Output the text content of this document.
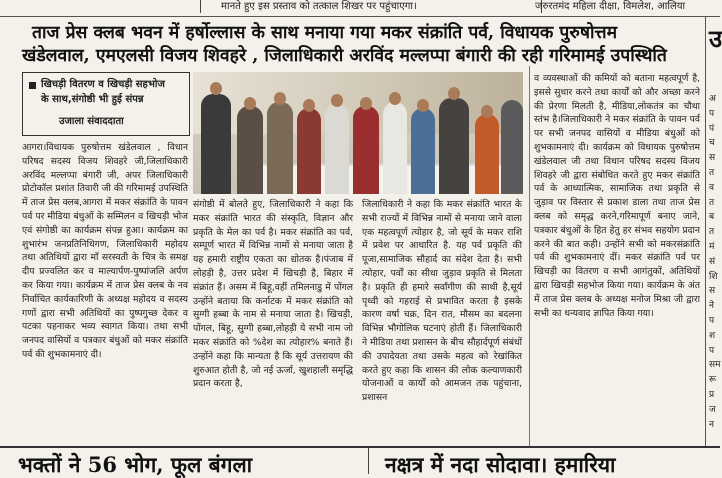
मानते हुए इस प्रस्ताव को तत्काल शिखर पर पहुंचाएगा।	जरुरतमंद महिला दीक्षा, विमलेश, आलिया
ताज प्रेस क्लब भवन में हर्षोल्लास के साथ मनाया गया मकर संक्रांति पर्व, विधायक पुरुषोत्तम
खंडेलवाल, एमएलसी विजय शिवहरे , जिलाधिकारी अरविंद मल्लप्पा बंगारी की रही गरिमामई उपस्थिति
खिचड़ी वितरण व खिचड़ी सहभोज
के साथ,संगोष्ठी भी हुई संपन्न
उजाला संवाददाता
आगरा।विधायक पुरुषोत्तम खंडेलवाल , विधान परिषद सदस्य विजय शिवहरे जी,जिलाधिकारी अरविंद मल्लप्पा बंगारी जी, अपर जिलाधिकारी प्रोटोकॉल प्रशांत तिवारी जी की गरिमामई उपस्थिति में ताज प्रेस क्लब,आगरा में मकर संक्रांति के पावन पर्व पर मीडिया बंधुओं के सम्मिलन व खिचड़ी भोज एवं संगोष्ठी का कार्यक्रम संपन्न हुआ। कार्यक्रम का शुभारंभ जनप्रतिनिधिगण, जिलाधिकारी महोदय तथा अतिथियों द्वारा माँ सरस्वती के चित्र के समक्ष दीप प्रज्वलित कर व माल्यार्पण-पुष्पांजलि अर्पण कर किया गया। कार्यक्रम में ताज प्रेस क्लब के नव निर्वाचित कार्यकारिणी के अध्यक्ष महोदय व सदस्य गणों द्वारा सभी अतिथियों का पुष्पगुच्छ देकर व पटका पहनाकर भव्य स्वागत किया। तथा सभी जनपद वासियों व पत्रकार बंधुओं को मकर संक्रांति पर्व की शुभकामनाएं दी।
संगोष्ठी में बोलते हुए, जिलाधिकारी ने कहा कि मकर संक्रांति भारत की संस्कृति, विज्ञान और प्रकृति के मेल का पर्व है। मकर संक्रांति का पर्व, सम्पूर्ण भारत में विभिन्न नामों से मनाया जाता है यह हमारी राष्ट्रीय एकता का द्योतक है।पंजाब में लोहड़ी है, उत्तर प्रदेश में खिचड़ी है, बिहार में संक्रांत हैं। असम में बिहू,वहीं तमिलनाडु में पोंगल उन्होंने बताया कि कर्नाटक में मकर संक्रांति को सुग्गी हब्बा के नाम से मनाया जाता है। खिचड़ी, पोंगल, बिहू, सुग्गी हब्बा,लोहड़ी ये सभी नाम जो मकर संक्रांति को %देश का त्योहार% बनाते हैं। उन्होंने कहा कि मान्यता है कि सूर्य उत्तरायण की शुरुआत होती है, जो नई ऊर्जा, खुशहाली समृद्धि प्रदान करता है,
जिलाधिकारी ने कहा कि मकर संक्रांति भारत के सभी राज्यों में विभिन्न नामों से मनाया जाने वाला एक महत्वपूर्ण त्योहार है, जो सूर्य के मकर राशि में प्रवेश पर आधारित है. यह पर्व प्रकृति की पूजा,सामाजिक सौहार्द का संदेश देता है। सभी त्योहार, पर्वों का सीधा जुड़ाव प्रकृति से मिलता है। प्रकृति ही हमारे सर्वांगीण की साथी है,सूर्य पृथ्वी को गहराई से प्रभावित करता है इसके कारण वर्षा चक्र, दिन रात, मौसम का बदलना विभिन्न भौगोलिक घटनाएं होती हैं। जिलाधिकारी ने मीडिया तथा प्रशासन के बीच सौहार्दपूर्ण संबंधों की उपादेयता तथा उसके महत्व को रेखांकित करते हुए कहा कि शासन की लोक कल्याणकारी योजनाओं व कार्यों को आमजन तक पहुंचाना, प्रशासन
व व्यवस्थाओं की कमियों को बताना महत्वपूर्ण है, इससे सुधार करने तथा कार्यों को और अच्छा करने की प्रेरणा मिलती है, मीडिया,लोकतंत्र का चौथा स्तंभ है।जिलाधिकारी ने मकर संक्रांति के पावन पर्व पर सभी जनपद वासियों व मीडिया बंधुओं को शुभकामनाएं दी। कार्यक्रम को विधायक पुरुषोत्तम खंडेलवाल जी तथा विधान परिषद सदस्य विजय शिवहरे जी द्वारा संबोधित करते हुए मकर संक्रांति पर्व के आध्यात्मिक, सामाजिक तथा प्रकृति से जुड़ाव पर विस्तार से प्रकाश डाला तथा ताज प्रेस क्लब को समृद्ध करने,गरिमापूर्ण बनाए जाने, पत्रकार बंधुओं के हित हेतु हर संभव सहयोग प्रदान करने की बात कही। उन्होंने सभी को मकरसंक्रांति पर्व की शुभकामनाएं दीं। मकर संक्रांति पर्व पर खिचड़ी का वितरण व सभी आगंतुकों, अतिथियों द्वारा खिचड़ी सहभोज किया गया। कार्यक्रम के अंत में ताज प्रेस क्लब के अध्यक्ष मनोज मिश्रा जी द्वारा सभी का धन्यवाद ज्ञापित किया गया।
उ
अ
प
पं
च
स
त
व
त
ब
त
मं
सं
शि
स
ने
प
श
प
सम
रू
प्र
ज
न
भक्तों ने 56 भोग, फूल बंगला	नक्षत्र में नदा सोदावा। हमारिया
